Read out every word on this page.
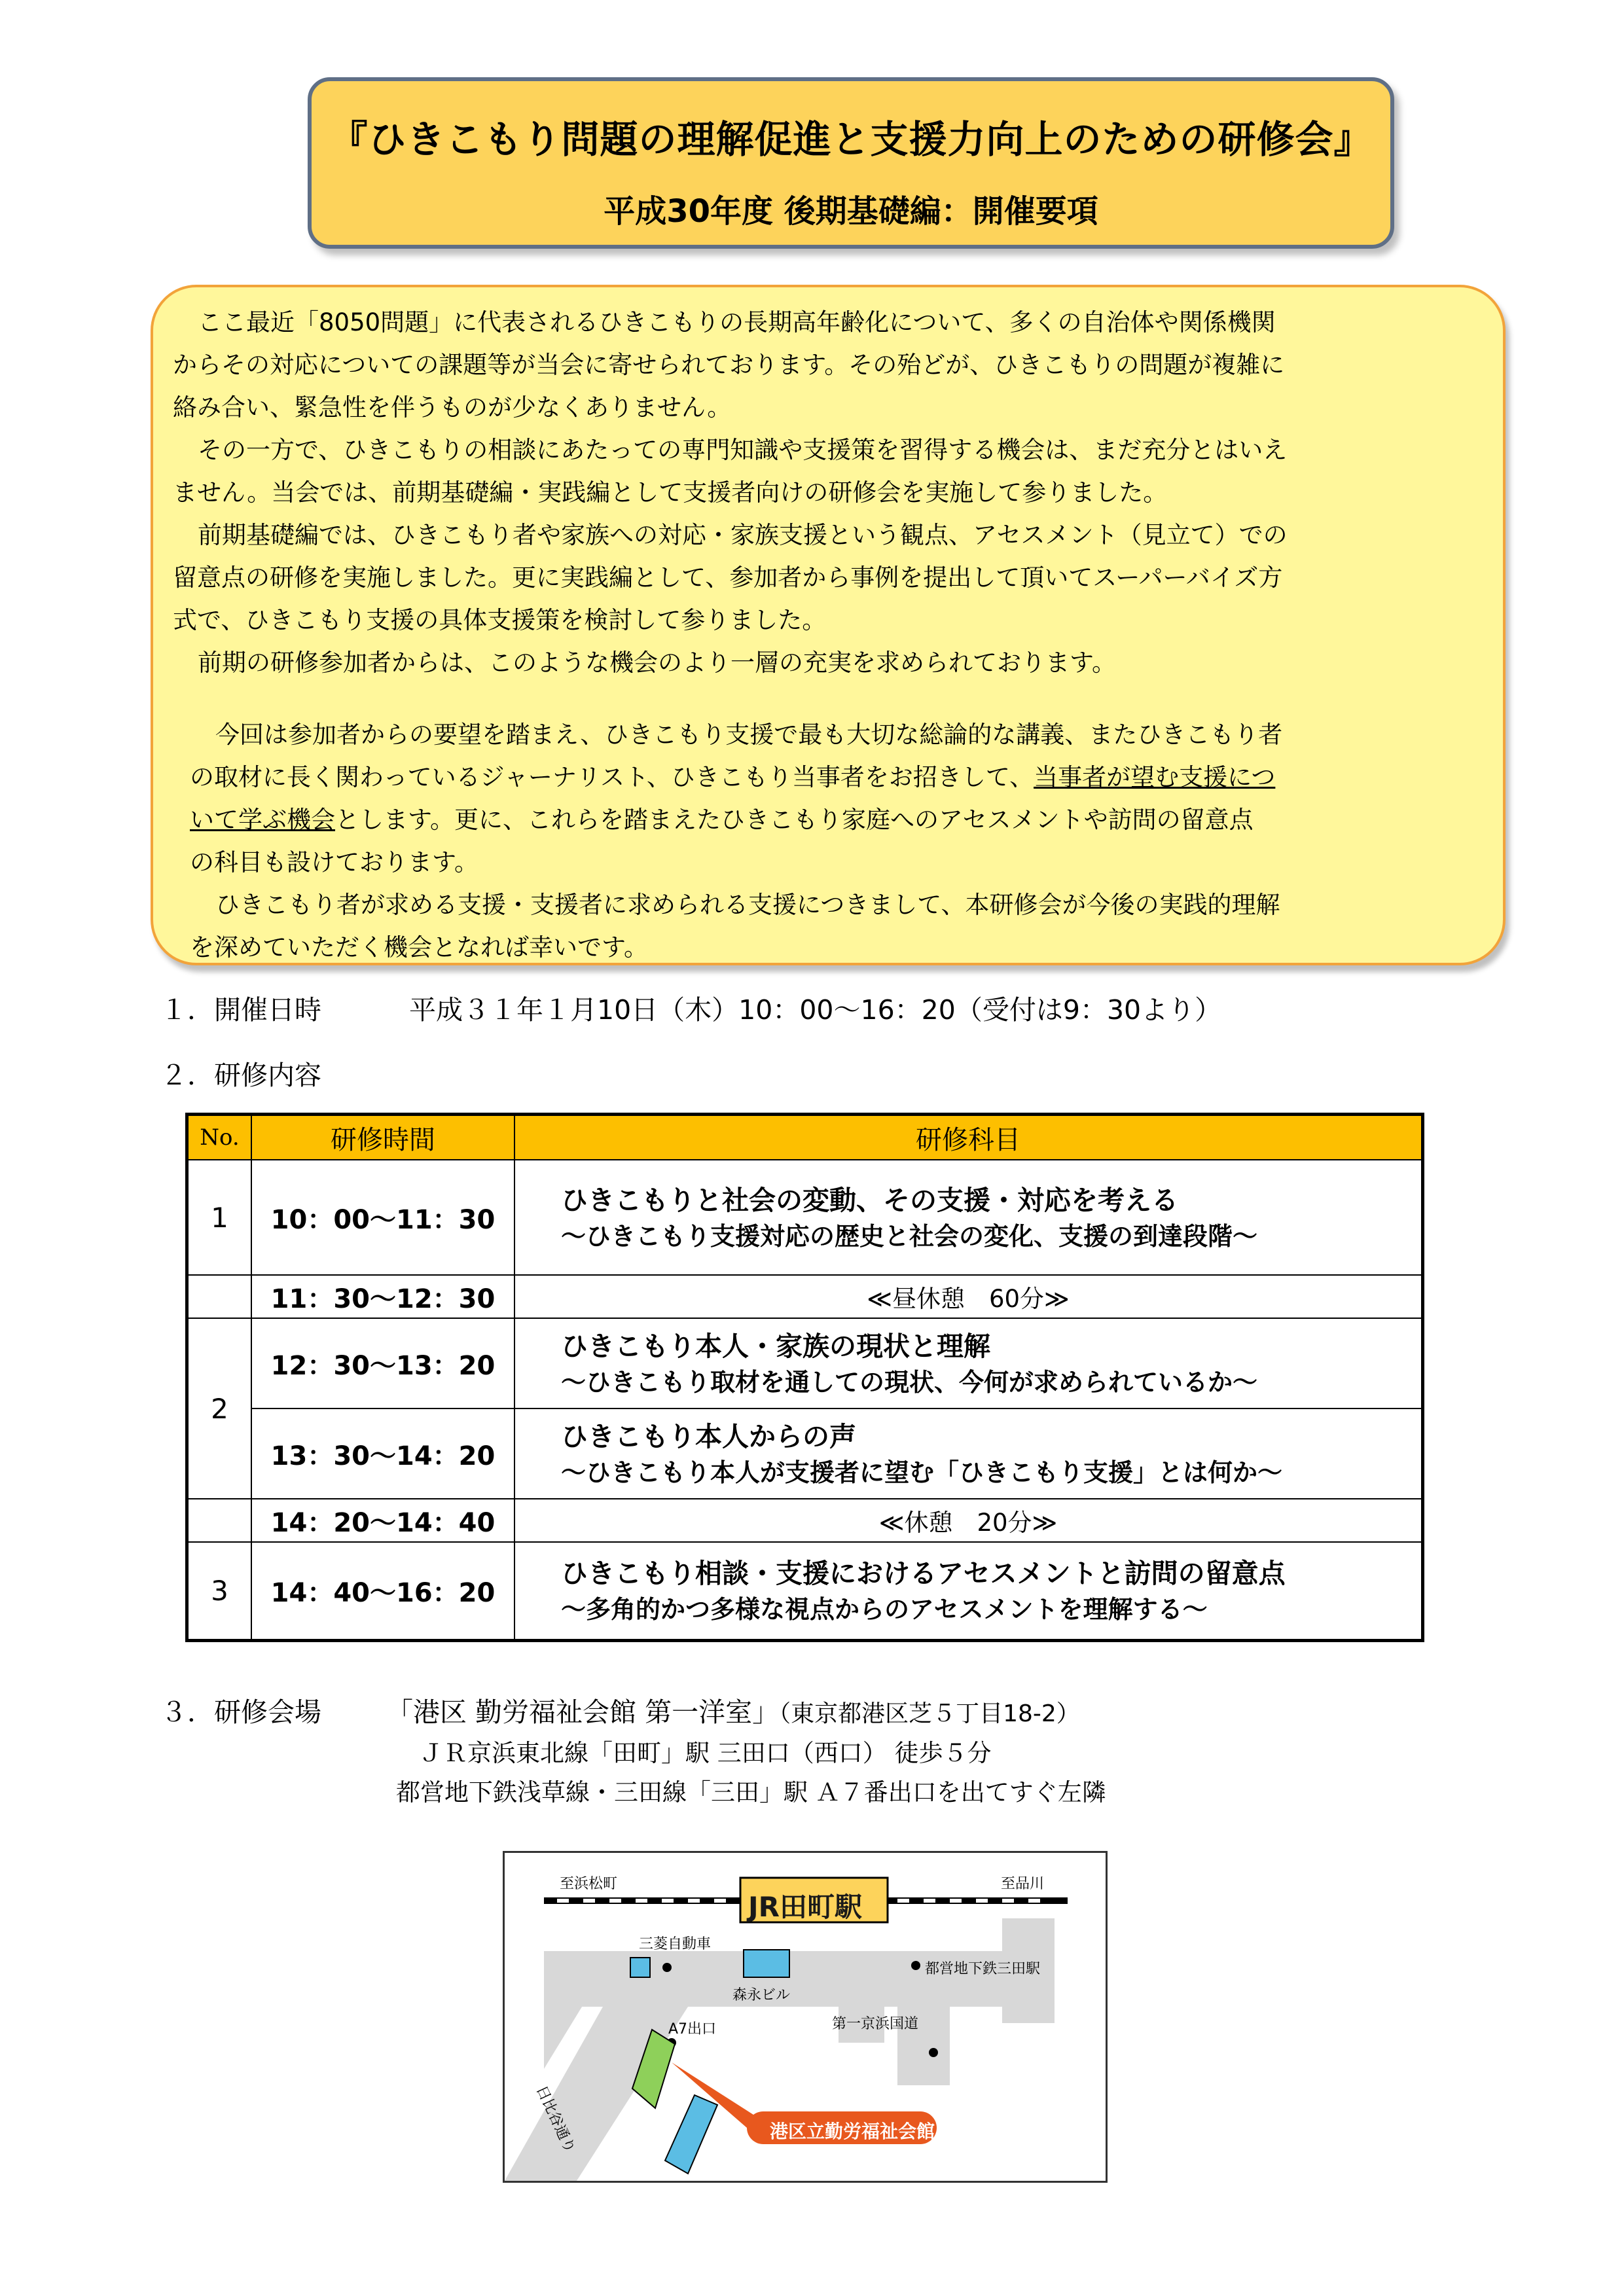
『ひきこもり問題の理解促進と支援力向上のための研修会』
平成30年度 後期基礎編：開催要項
ここ最近「8050問題」に代表されるひきこもりの長期高年齢化について、多くの自治体や関係機関
からその対応についての課題等が当会に寄せられております。その殆どが、ひきこもりの問題が複雑に
絡み合い、緊急性を伴うものが少なくありません。
その一方で、ひきこもりの相談にあたっての専門知識や支援策を習得する機会は、まだ充分とはいえ
ません。当会では、前期基礎編・実践編として支援者向けの研修会を実施して参りました。
前期基礎編では、ひきこもり者や家族への対応・家族支援という観点、アセスメント（見立て）での
留意点の研修を実施しました。更に実践編として、参加者から事例を提出して頂いてスーパーバイズ方
式で、ひきこもり支援の具体支援策を検討して参りました。
前期の研修参加者からは、このような機会のより一層の充実を求められております。
今回は参加者からの要望を踏まえ、ひきこもり支援で最も大切な総論的な講義、またひきこもり者
の取材に長く関わっているジャーナリスト、ひきこもり当事者をお招きして、当事者が望む支援につ
いて学ぶ機会とします。更に、これらを踏まえたひきこもり家庭へのアセスメントや訪問の留意点
の科目も設けております。
ひきこもり者が求める支援・支援者に求められる支援につきまして、本研修会が今後の実践的理解
を深めていただく機会となれば幸いです。
１．開催日時	平成３１年１月10日（木）10：00～16：20（受付は9：30より）
２．研修内容
No.	研修時間	研修科目
1	10：00～11：30	ひきこもりと社会の変動、その支援・対応を考える
～ひきこもり支援対応の歴史と社会の変化、支援の到達段階～

	11：30～12：30	≪昼休憩　60分≫
2	12：30～13：20	ひきこもり本人・家族の現状と理解
～ひきこもり取材を通しての現状、今何が求められているか～

	13：30～14：20	ひきこもり本人からの声
～ひきこもり本人が支援者に望む「ひきこもり支援」とは何か～

	14：20～14：40	≪休憩　20分≫
3	14：40～16：20	ひきこもり相談・支援におけるアセスメントと訪問の留意点
～多角的かつ多様な視点からのアセスメントを理解する～
３．研修会場 「港区 勤労福祉会館 第一洋室」（東京都港区芝５丁目18-2）
ＪＲ京浜東北線「田町」駅 三田口（西口） 徒歩５分
都営地下鉄浅草線・三田線「三田」駅 Ａ７番出口を出てすぐ左隣
至浜松町	至品川
JR田町駅
三菱自動車
都営地下鉄三田駅
森永ビル
第一京浜国道
A7出口
日比谷通り	港区立勤労福祉会館
